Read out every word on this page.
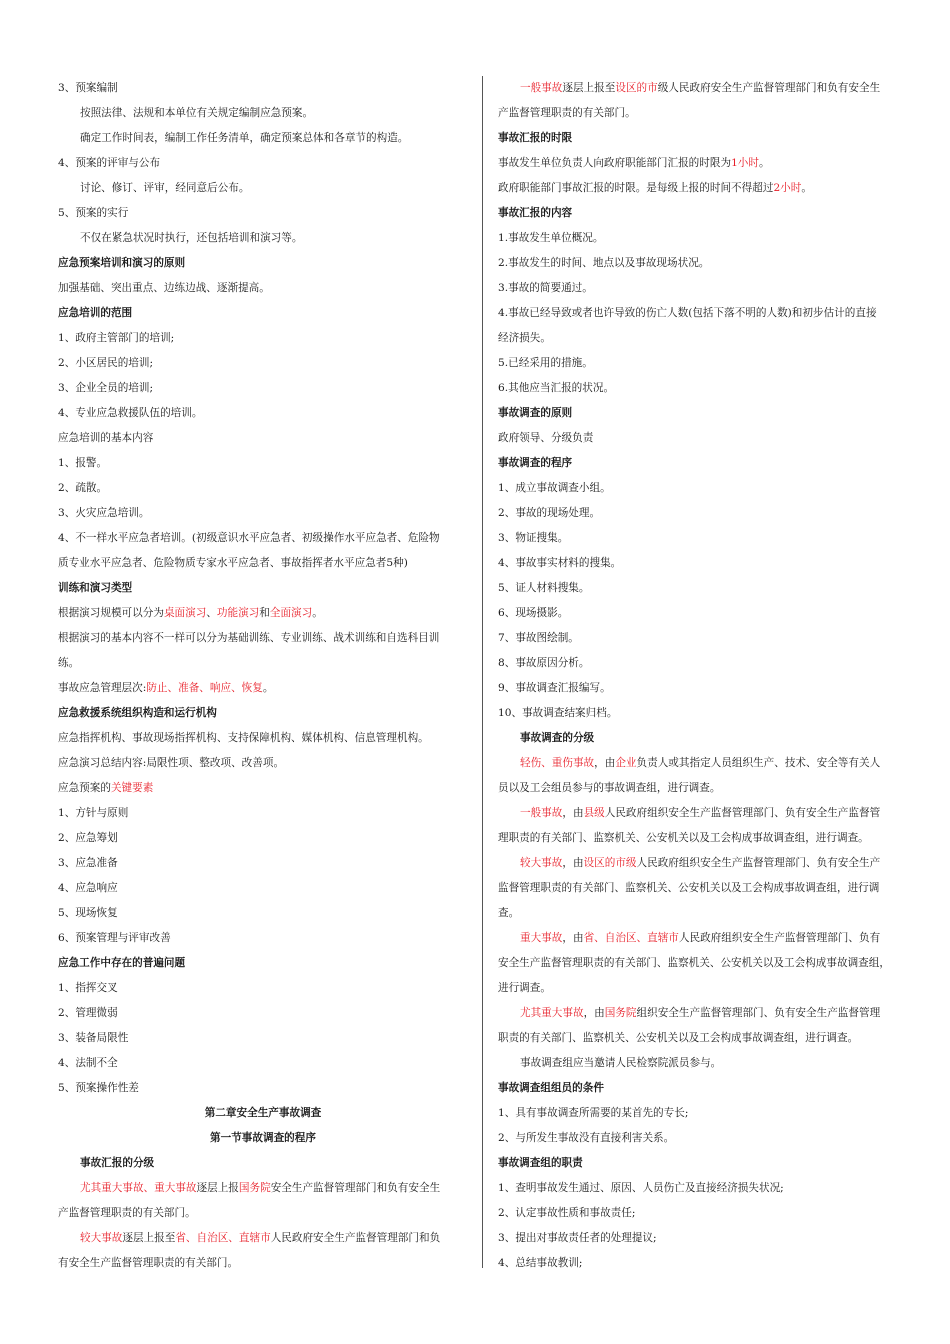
3、预案编制
按照法律、法规和本单位有关规定编制应急预案。
确定工作时间表，编制工作任务清单，确定预案总体和各章节的构造。
4、预案的评审与公布
讨论、修订、评审，经同意后公布。
5、预案的实行
不仅在紧急状况时执行，还包括培训和演习等。
应急预案培训和演习的原则
加强基础、突出重点、边练边战、逐渐提高。
应急培训的范围
1、政府主管部门的培训;
2、小区居民的培训;
3、企业全员的培训;
4、专业应急救援队伍的培训。
应急培训的基本内容
1、报警。
2、疏散。
3、火灾应急培训。
4、不一样水平应急者培训。(初级意识水平应急者、初级操作水平应急者、危险物
质专业水平应急者、危险物质专家水平应急者、事故指挥者水平应急者5种)
训练和演习类型
根据演习规模可以分为桌面演习、功能演习和全面演习。
根据演习的基本内容不一样可以分为基础训练、专业训练、战术训练和自选科目训
练。
事故应急管理层次:防止、准备、响应、恢复。
应急救援系统组织构造和运行机构
应急指挥机构、事故现场指挥机构、支持保障机构、媒体机构、信息管理机构。
应急演习总结内容:局限性项、整改项、改善项。
应急预案的关键要素
1、方针与原则
2、应急筹划
3、应急准备
4、应急响应
5、现场恢复
6、预案管理与评审改善
应急工作中存在的普遍问题
1、指挥交叉
2、管理微弱
3、装备局限性
4、法制不全
5、预案操作性差
第二章安全生产事故调查
第一节事故调查的程序
事故汇报的分级
尤其重大事故、重大事故逐层上报国务院安全生产监督管理部门和负有安全生
产监督管理职责的有关部门。
较大事故逐层上报至省、自治区、直辖市人民政府安全生产监督管理部门和负
有安全生产监督管理职责的有关部门。
一般事故逐层上报至设区的市级人民政府安全生产监督管理部门和负有安全生
产监督管理职责的有关部门。
事故汇报的时限
事故发生单位负责人向政府职能部门汇报的时限为1小时。
政府职能部门事故汇报的时限。是每级上报的时间不得超过2小时。
事故汇报的内容
1.事故发生单位概况。
2.事故发生的时间、地点以及事故现场状况。
3.事故的简要通过。
4.事故已经导致或者也许导致的伤亡人数(包括下落不明的人数)和初步估计的直接
经济损失。
5.已经采用的措施。
6.其他应当汇报的状况。
事故调查的原则
政府领导、分级负责
事故调查的程序
1、成立事故调查小组。
2、事故的现场处理。
3、物证搜集。
4、事故事实材料的搜集。
5、证人材料搜集。
6、现场摄影。
7、事故图绘制。
8、事故原因分析。
9、事故调查汇报编写。
10、事故调查结案归档。
事故调查的分级
轻伤、重伤事故，由企业负责人或其指定人员组织生产、技术、安全等有关人
员以及工会组员参与的事故调查组，进行调查。
一般事故，由县级人民政府组织安全生产监督管理部门、负有安全生产监督管
理职责的有关部门、监察机关、公安机关以及工会构成事故调查组，进行调查。
较大事故，由设区的市级人民政府组织安全生产监督管理部门、负有安全生产
监督管理职责的有关部门、监察机关、公安机关以及工会构成事故调查组，进行调
查。
重大事故，由省、自治区、直辖市人民政府组织安全生产监督管理部门、负有
安全生产监督管理职责的有关部门、监察机关、公安机关以及工会构成事故调查组，
进行调查。
尤其重大事故，由国务院组织安全生产监督管理部门、负有安全生产监督管理
职责的有关部门、监察机关、公安机关以及工会构成事故调查组，进行调查。
事故调查组应当邀请人民检察院派员参与。
事故调查组组员的条件
1、具有事故调查所需要的某首先的专长;
2、与所发生事故没有直接利害关系。
事故调查组的职责
1、查明事故发生通过、原因、人员伤亡及直接经济损失状况;
2、认定事故性质和事故责任;
3、提出对事故责任者的处理提议;
4、总结事故教训;
